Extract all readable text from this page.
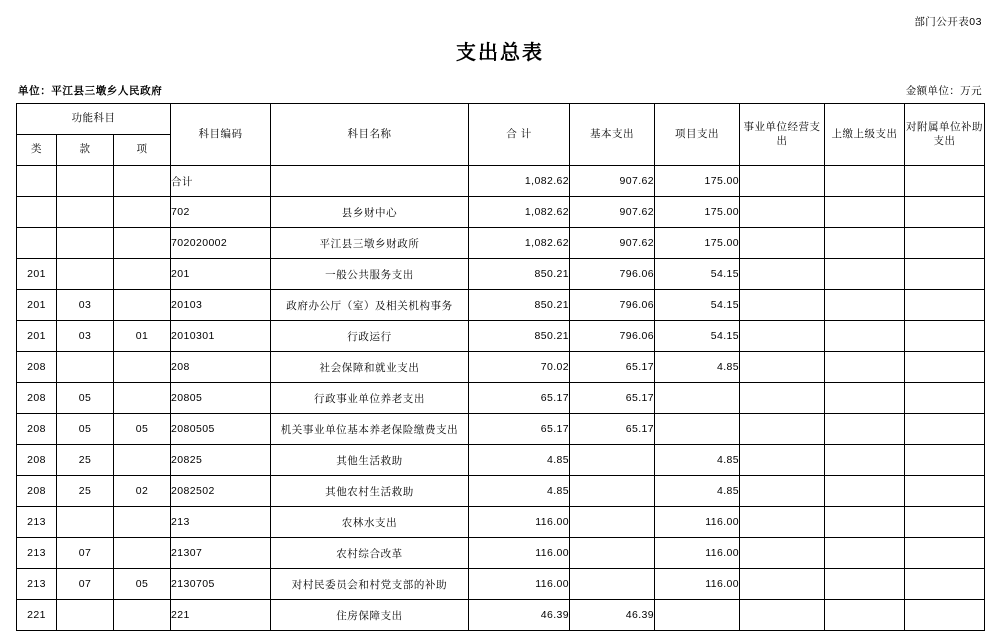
部门公开表03
支出总表
单位：平江县三墩乡人民政府	金额单位：万元
功能科目			科目编码	科目名称	合 计	基本支出	项目支出	事业单位经营支出	上缴上级支出	对附属单位补助支出
类	款	项								
			合计		1,082.62	907.62	175.00			
			702	县乡财中心	1,082.62	907.62	175.00			
			702020002	平江县三墩乡财政所	1,082.62	907.62	175.00			
201			201	一般公共服务支出	850.21	796.06	54.15			
201	03		20103	政府办公厅（室）及相关机构事务	850.21	796.06	54.15			
201	03	01	2010301	行政运行	850.21	796.06	54.15			
208			208	社会保障和就业支出	70.02	65.17	4.85			
208	05		20805	行政事业单位养老支出	65.17	65.17				
208	05	05	2080505	机关事业单位基本养老保险缴费支出	65.17	65.17				
208	25		20825	其他生活救助	4.85		4.85			
208	25	02	2082502	其他农村生活救助	4.85		4.85			
213			213	农林水支出	116.00		116.00			
213	07		21307	农村综合改革	116.00		116.00			
213	07	05	2130705	对村民委员会和村党支部的补助	116.00		116.00			
221			221	住房保障支出	46.39	46.39				
